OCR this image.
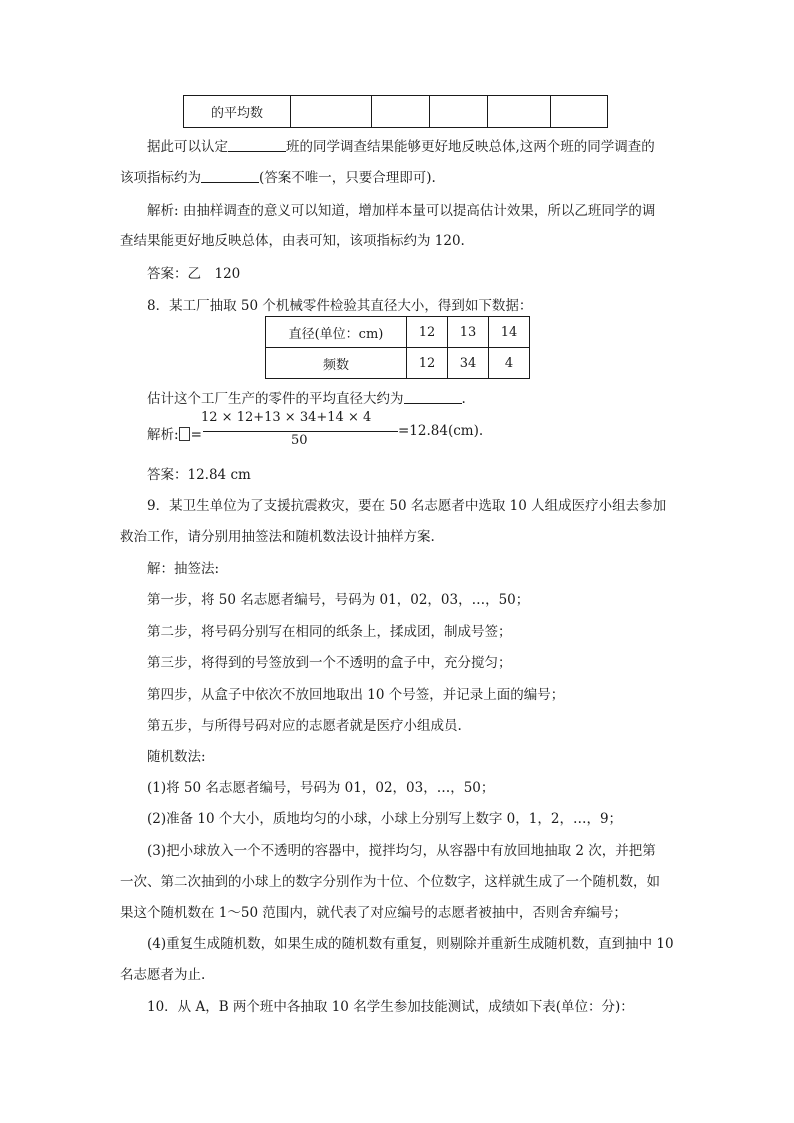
的平均数					
据此可以认定	班的同学调查结果能够更好地反映总体,这两个班的同学调查的
该项指标约为	(答案不唯一，只要合理即可).
解析: 由抽样调查的意义可以知道，增加样本量可以提高估计效果，所以乙班同学的调
查结果能更好地反映总体，由表可知，该项指标约为 120.
答案：乙　120
8．某工厂抽取 50 个机械零件检验其直径大小，得到如下数据：
直径(单位：cm)	12	13	14
频数	12	34	4
估计这个工厂生产的零件的平均直径大约为	.
解析: =
12 × 12+13 × 34+14 × 4
50
=12.84(cm).
答案：12.84 cm
9．某卫生单位为了支援抗震救灾，要在 50 名志愿者中选取 10 人组成医疗小组去参加
救治工作，请分别用抽签法和随机数法设计抽样方案.
解：抽签法:
第一步，将 50 名志愿者编号，号码为 01，02，03，…，50；
第二步，将号码分别写在相同的纸条上，揉成团，制成号签；
第三步，将得到的号签放到一个不透明的盒子中，充分搅匀；
第四步，从盒子中依次不放回地取出 10 个号签，并记录上面的编号；
第五步，与所得号码对应的志愿者就是医疗小组成员.
随机数法:
(1)将 50 名志愿者编号，号码为 01，02，03，…，50；
(2)准备 10 个大小，质地均匀的小球，小球上分别写上数字 0，1，2，…，9；
(3)把小球放入一个不透明的容器中，搅拌均匀，从容器中有放回地抽取 2 次，并把第
一次、第二次抽到的小球上的数字分别作为十位、个位数字，这样就生成了一个随机数，如
果这个随机数在 1～50 范围内，就代表了对应编号的志愿者被抽中，否则舍弃编号；
(4)重复生成随机数，如果生成的随机数有重复，则剔除并重新生成随机数，直到抽中 10
名志愿者为止.
10．从 A，B 两个班中各抽取 10 名学生参加技能测试，成绩如下表(单位：分)：
